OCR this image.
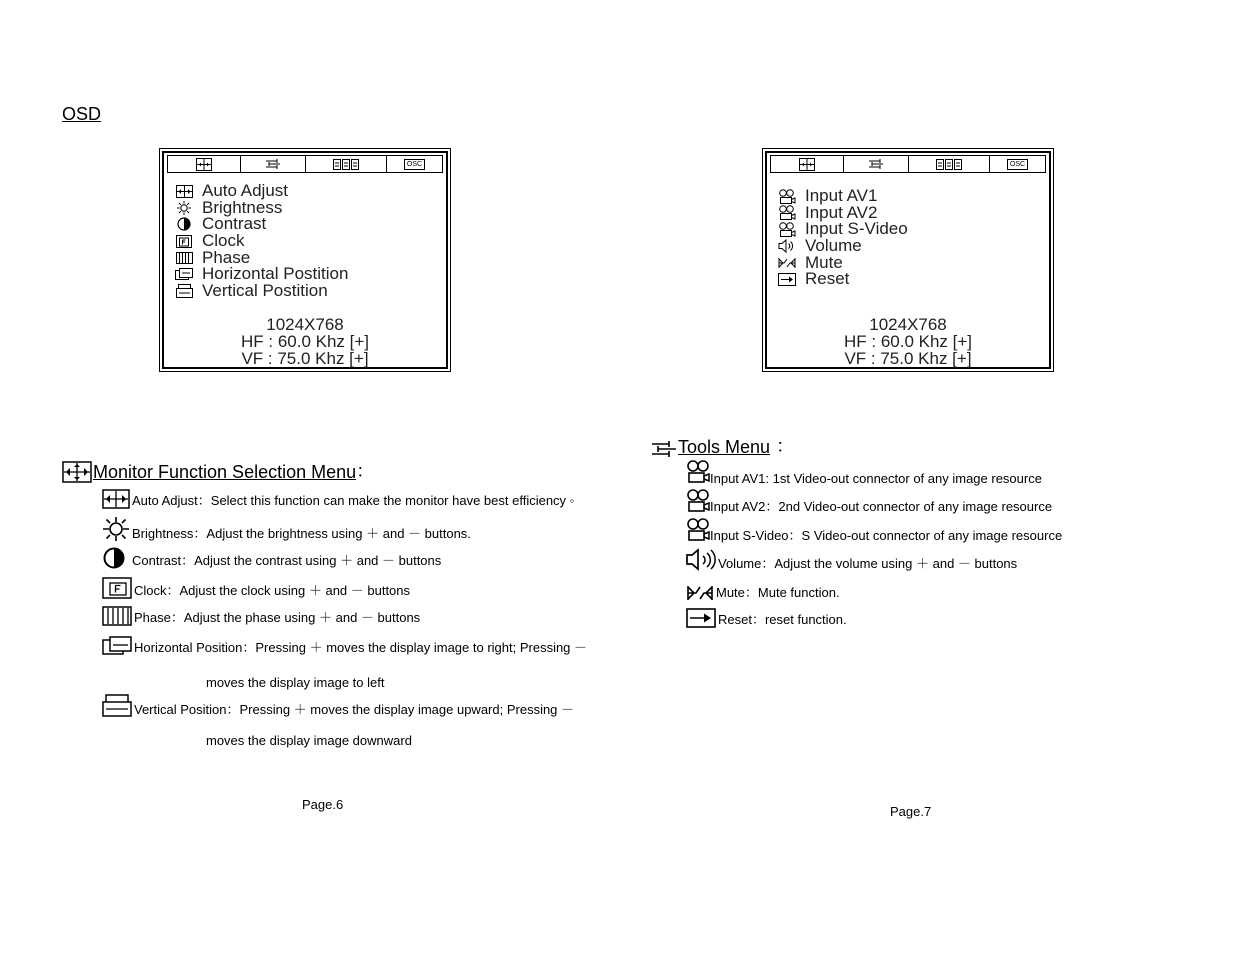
OSD
OSC
Auto Adjust
Brightness
Contrast
Clock
Phase
Horizontal Postition
Vertical Postition
1024X768
HF : 60.0 Khz [+]
VF : 75.0 Khz [+]
OSC
Input AV1
Input AV2
Input S-Video
Volume
Mute
Reset
1024X768
HF : 60.0 Khz [+]
VF : 75.0 Khz [+]
Monitor Function Selection Menu ：
Auto Adjust：Select this function can make the monitor have best efficiency ◦
Brightness：Adjust the brightness using ＋ and － buttons.
Contrast：Adjust the contrast using ＋ and － buttons
Clock：Adjust the clock using ＋ and － buttons
Phase：Adjust the phase using ＋ and － buttons
Horizontal Position：Pressing ＋ moves the display image to right; Pressing －
moves the display image to left
Vertical Position：Pressing ＋ moves the display image upward; Pressing －
moves the display image downward
Tools Menu ：
Input AV1: 1st Video-out connector of any image resource
Input AV2：2nd Video-out connector of any image resource
Input S-Video：S Video-out connector of any image resource
Volume：Adjust the volume using ＋ and － buttons
Mute：Mute function.
Reset：reset function.
Page.6	Page.7
